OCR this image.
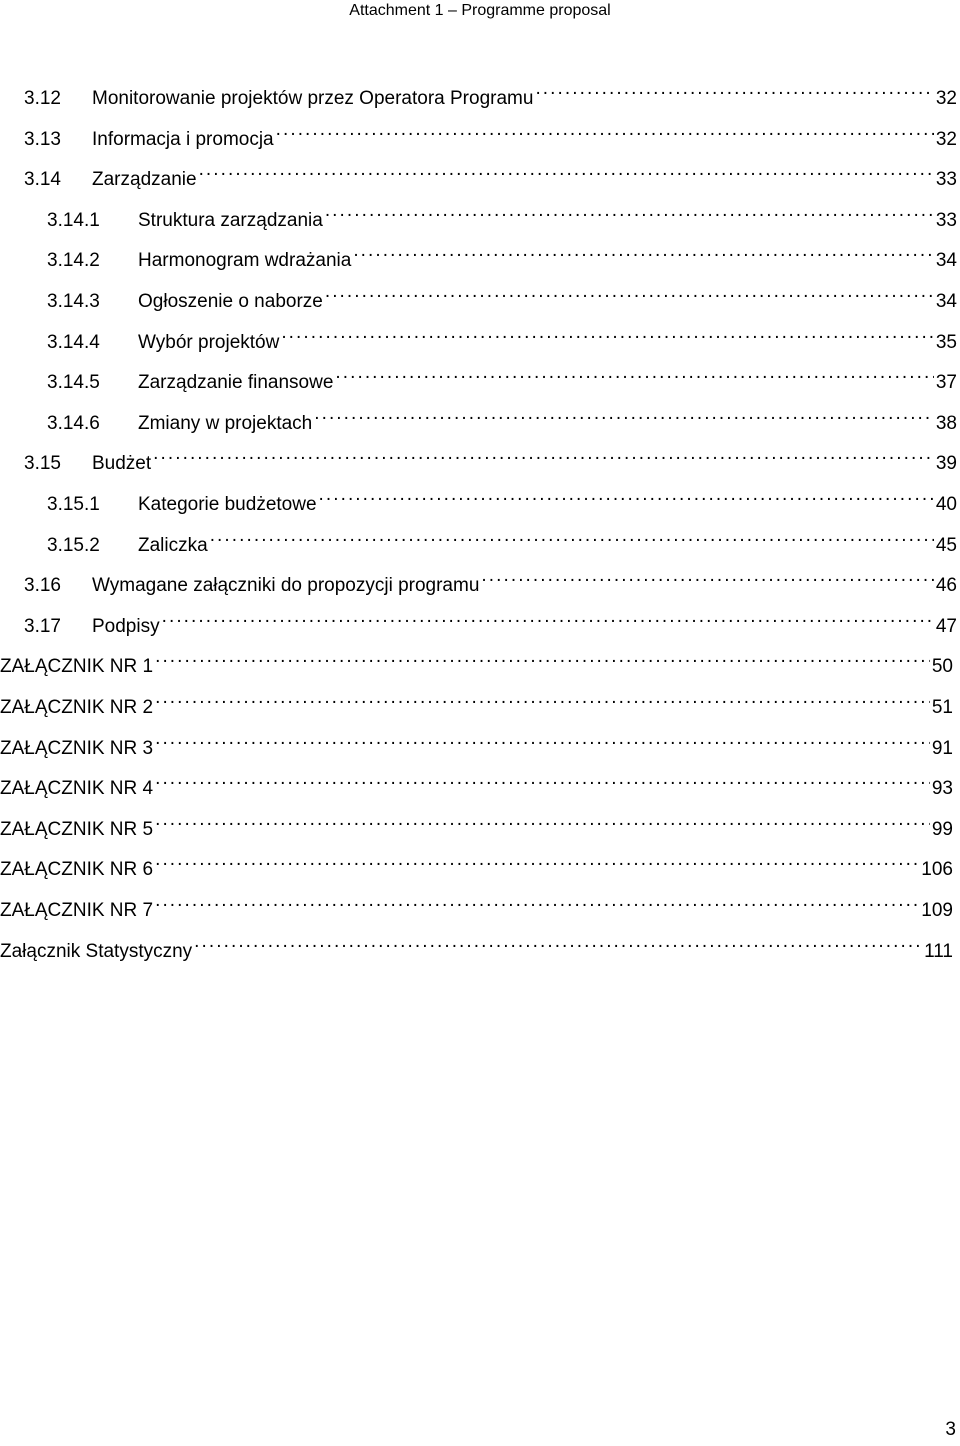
Attachment 1 – Programme proposal
3.12	Monitorowanie projektów przez Operatora Programu . . .	32
3.13	Informacja i promocja . . .	32
3.14	Zarządzanie . . .	33
3.14.1	Struktura zarządzania . . .	33
3.14.2	Harmonogram wdrażania . . .	34
3.14.3	Ogłoszenie o naborze . . .	34
3.14.4	Wybór projektów . . .	35
3.14.5	Zarządzanie finansowe . . .	37
3.14.6	Zmiany w projektach . . .	38
3.15	Budżet . . .	39
3.15.1	Kategorie budżetowe . . .	40
3.15.2	Zaliczka . . .	45
3.16	Wymagane załączniki do propozycji programu . . .	46
3.17	Podpisy . . .	47
ZAŁĄCZNIK NR 1 . . .	50
ZAŁĄCZNIK NR 2 . . .	51
ZAŁĄCZNIK NR 3 . . .	91
ZAŁĄCZNIK NR 4 . . .	93
ZAŁĄCZNIK NR 5 . . .	99
ZAŁĄCZNIK NR 6 . . .	106
ZAŁĄCZNIK NR 7 . . .	109
Załącznik Statystyczny . . .	111
3
